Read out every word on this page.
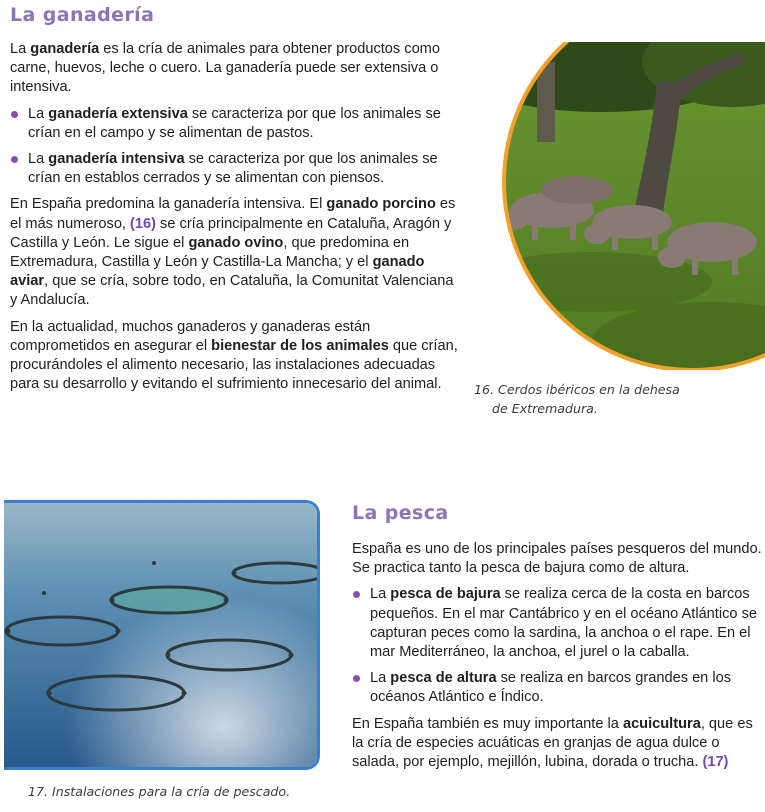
La ganadería

La ganadería es la cría de animales para obtener productos como carne, huevos, leche o cuero. La ganadería puede ser extensiva o intensiva.

La ganadería extensiva se caracteriza por que los animales se crían en el campo y se alimentan de pastos.

La ganadería intensiva se caracteriza por que los animales se crían en establos cerrados y se alimentan con piensos.

En España predomina la ganadería intensiva. El ganado porcino es el más numeroso, (16) se cría principalmente en Cataluña, Aragón y Castilla y León. Le sigue el ganado ovino, que predomina en Extremadura, Castilla y León y Castilla-La Mancha; y el ganado aviar, que se cría, sobre todo, en Cataluña, la Comunitat Valenciana y Andalucía.

En la actualidad, muchos ganaderos y ganaderas están comprometidos en asegurar el bienestar de los animales que crían, procurándoles el alimento necesario, las instalaciones adecuadas para su desarrollo y evitando el sufrimiento innecesario del animal.	16. Cerdos ibéricos en la dehesa
de Extremadura.
17. Instalaciones para la cría de pescado.
La pesca

España es uno de los principales países pesqueros del mundo. Se practica tanto la pesca de bajura como de altura.

La pesca de bajura se realiza cerca de la costa en barcos pequeños. En el mar Cantábrico y en el océano Atlántico se capturan peces como la sardina, la anchoa o el rape. En el mar Mediterráneo, la anchoa, el jurel o la caballa.

La pesca de altura se realiza en barcos grandes en los océanos Atlántico e Índico.

En España también es muy importante la acuicultura, que es la cría de especies acuáticas en granjas de agua dulce o salada, por ejemplo, mejillón, lubina, dorada o trucha. (17)
